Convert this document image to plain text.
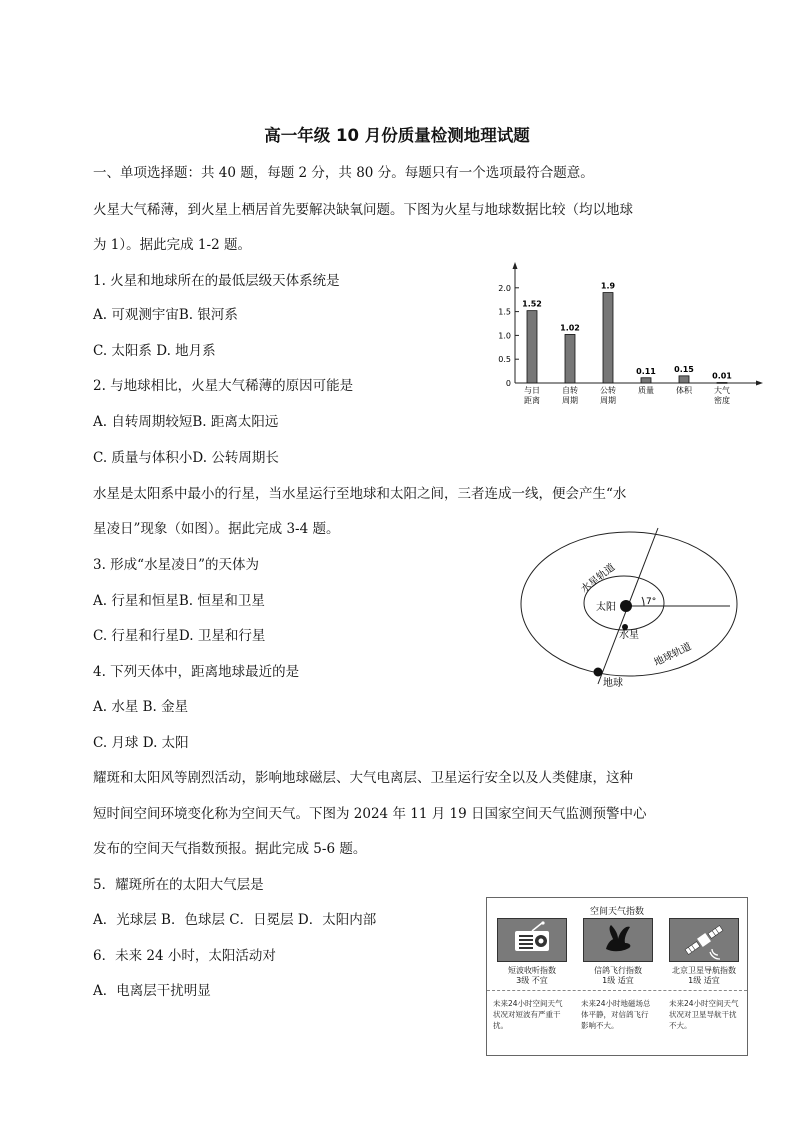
高一年级 10 月份质量检测地理试题
一、单项选择题：共 40 题，每题 2 分，共 80 分。每题只有一个选项最符合题意。
火星大气稀薄，到火星上栖居首先要解决缺氧问题。下图为火星与地球数据比较（均以地球
为 1）。据此完成 1-2 题。
1. 火星和地球所在的最低层级天体系统是
A. 可观测宇宙B. 银河系
C. 太阳系 D. 地月系
2. 与地球相比，火星大气稀薄的原因可能是
A. 自转周期较短B. 距离太阳远
C. 质量与体积小D. 公转周期长
水星是太阳系中最小的行星，当水星运行至地球和太阳之间，三者连成一线，便会产生“水
星凌日”现象（如图）。据此完成 3-4 题。
3. 形成“水星凌日”的天体为
A. 行星和恒星B. 恒星和卫星
C. 行星和行星D. 卫星和行星
4. 下列天体中，距离地球最近的是
A. 水星 B. 金星
C. 月球 D. 太阳
耀斑和太阳风等剧烈活动，影响地球磁层、大气电离层、卫星运行安全以及人类健康，这种
短时间空间环境变化称为空间天气。下图为 2024 年 11 月 19 日国家空间天气监测预警中心
发布的空间天气指数预报。据此完成 5-6 题。
5．耀斑所在的太阳大气层是
A．光球层 B．色球层 C．日冕层 D．太阳内部
6．未来 24 小时，太阳活动对
A．电离层干扰明显
0
0.5
1.0
1.5
2.0
1.52
与日
距离
1.02
自转
周期
1.9
公转
周期
0.11
质量
0.15
体积
0.01
大气
密度
水星轨道
地球轨道
太阳
水星
地球
7°
空间天气指数
短波收听指数
3级 不宜
信鸽飞行指数
1级 适宜
北京卫星导航指数
1级 适宜
未来24小时空间天气状况对短波有严重干扰。
未来24小时地磁场总体平静，对信鸽飞行影响不大。
未来24小时空间天气状况对卫星导航干扰不大。
